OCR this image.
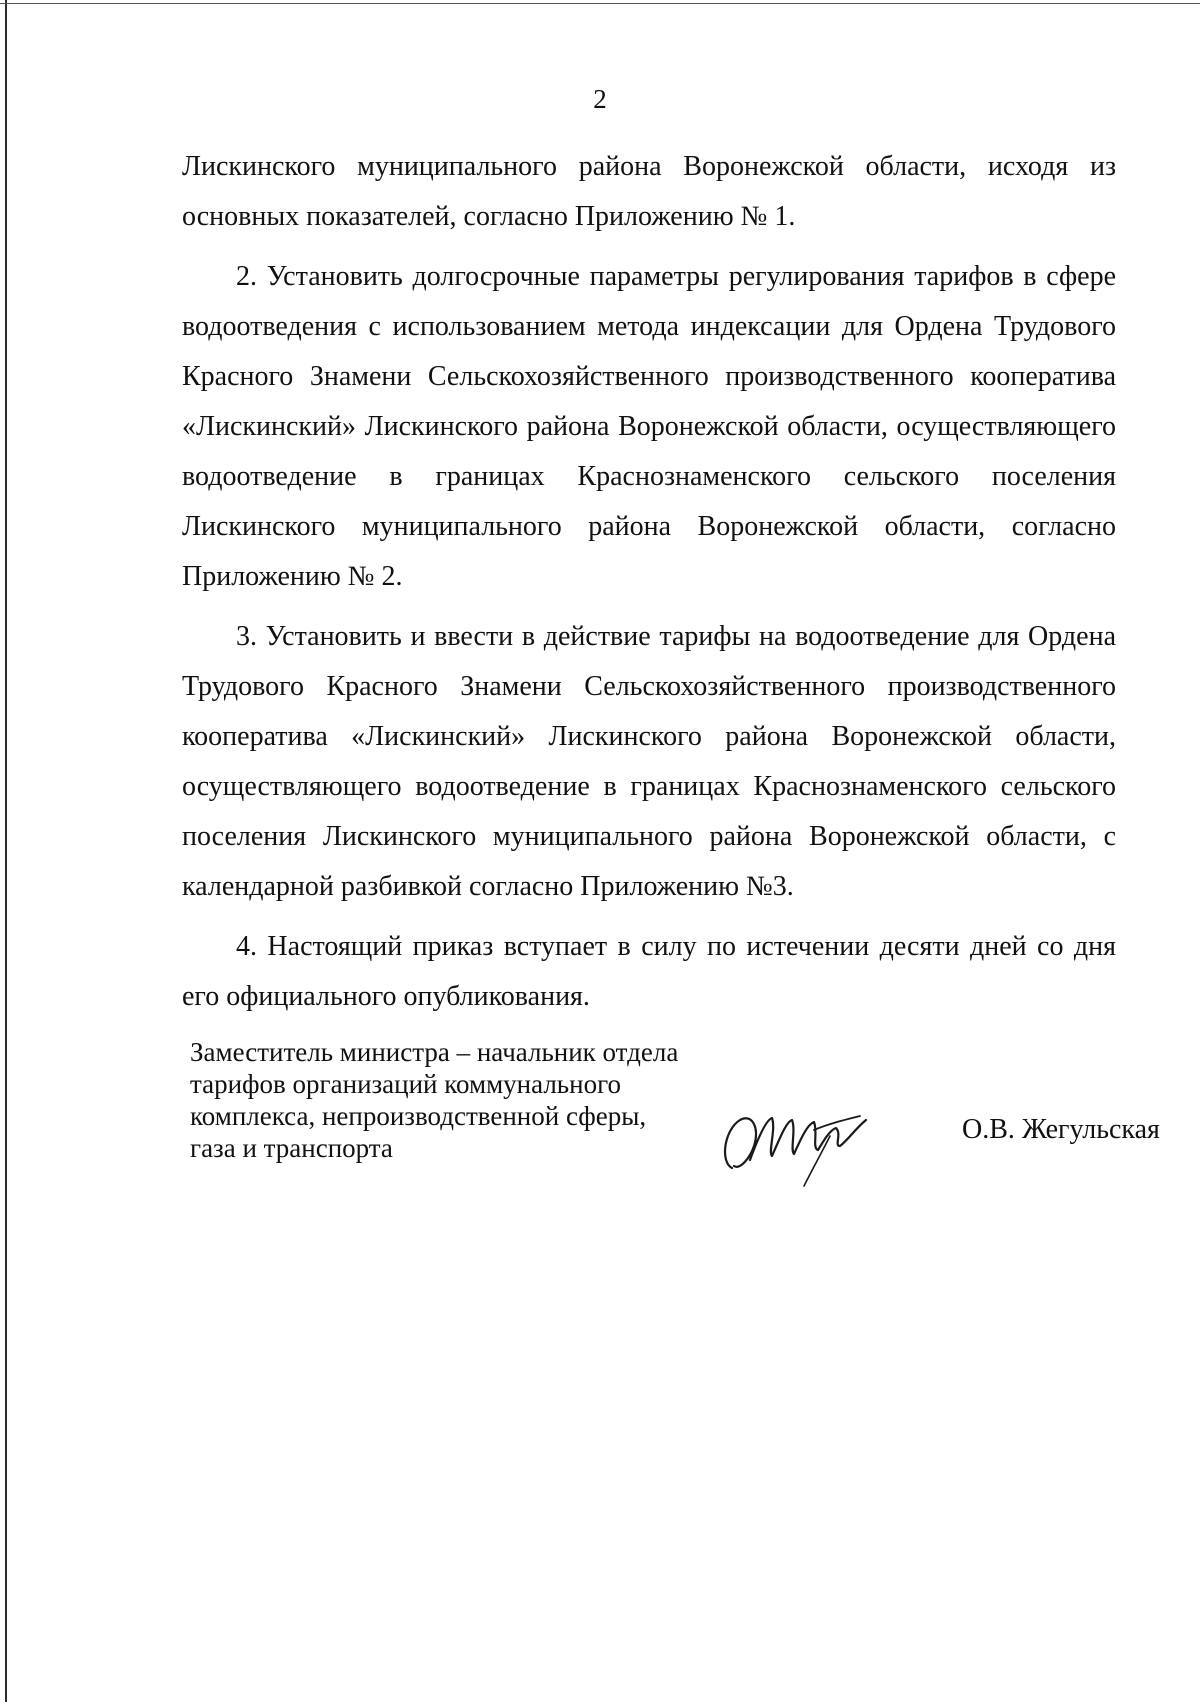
2

Лискинского муниципального района Воронежской области, исходя из основных показателей, согласно Приложению № 1.

2. Установить долгосрочные параметры регулирования тарифов в сфере водоотведения с использованием метода индексации для Ордена Трудового Красного Знамени Сельскохозяйственного производственного кооператива «Лискинский» Лискинского района Воронежской области, осуществляющего водоотведение в границах Краснознаменского сельского поселения Лискинского муниципального района Воронежской области, согласно Приложению № 2.

3. Установить и ввести в действие тарифы на водоотведение для Ордена Трудового Красного Знамени Сельскохозяйственного производственного кооператива «Лискинский» Лискинского района Воронежской области, осуществляющего водоотведение в границах Краснознаменского сельского поселения Лискинского муниципального района Воронежской области, с календарной разбивкой согласно Приложению №3.

4. Настоящий приказ вступает в силу по истечении десяти дней со дня его официального опубликования.

Заместитель министра – начальник отдела
тарифов организаций коммунального
комплекса, непроизводственной сферы,
газа и транспорта
О.В. Жегульская
